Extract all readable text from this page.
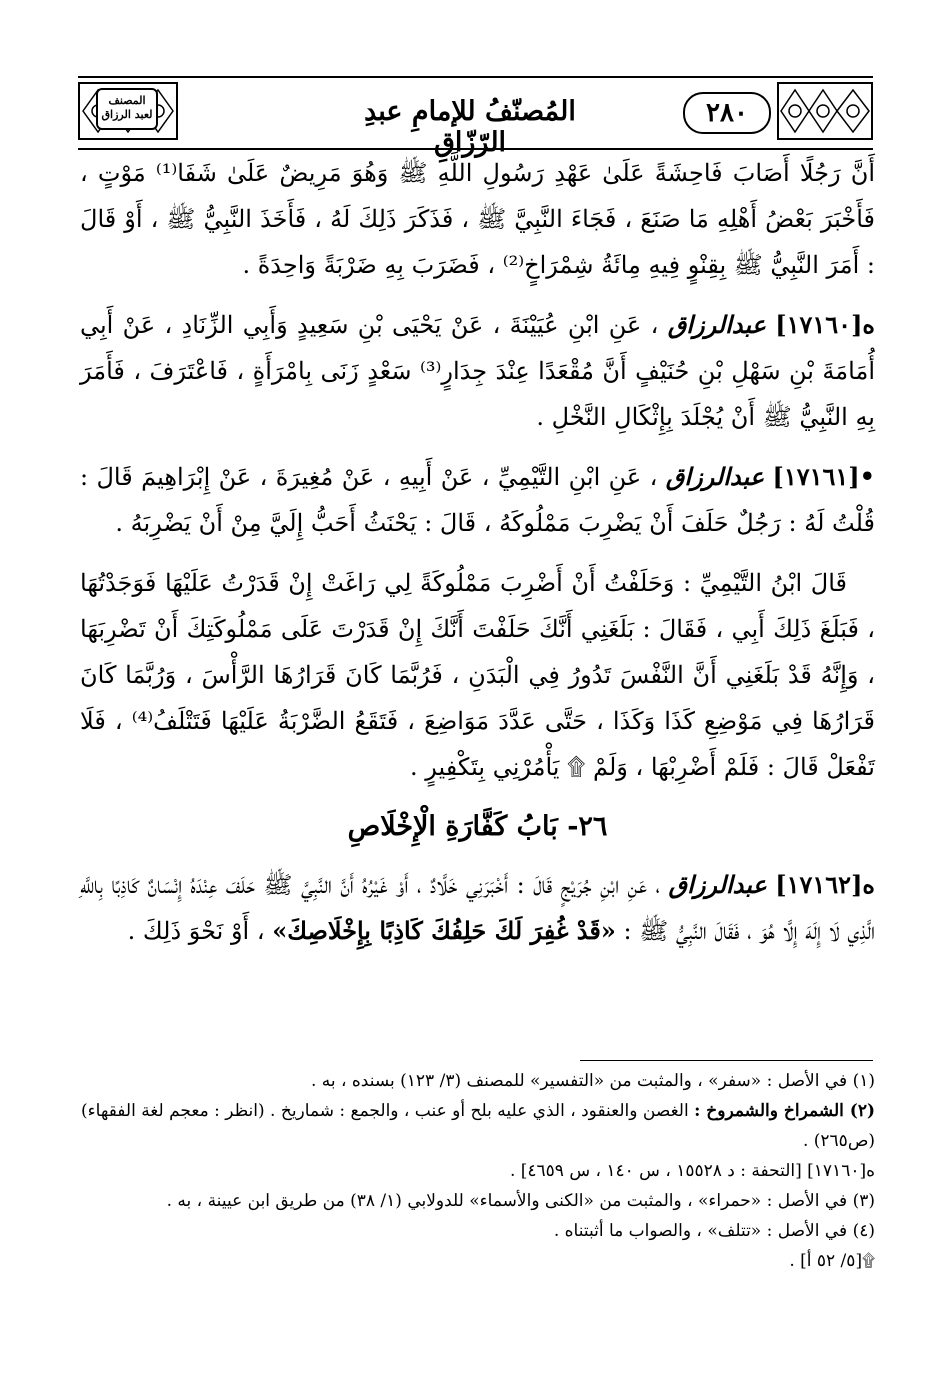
المصنف لعبد الرزاق	المُصنّفُ للإمامِ عبدِ الرّزّاقِ
٢٨٠

أَنَّ رَجُلًا أَصَابَ فَاحِشَةً عَلَىٰ عَهْدِ رَسُولِ اللَّهِ ﷺ وَهُوَ مَرِيضٌ عَلَىٰ شَفَا⁽¹⁾ مَوْتٍ ، فَأَخْبَرَ بَعْضُ أَهْلِهِ مَا صَنَعَ ، فَجَاءَ النَّبِيَّ ﷺ ، فَذَكَرَ ذَلِكَ لَهُ ، فَأَخَذَ النَّبِيُّ ﷺ ، أَوْ قَالَ : أَمَرَ النَّبِيُّ ﷺ بِقِنْوٍ فِيهِ مِائَةُ شِمْرَاخٍ⁽²⁾ ، فَضَرَبَ بِهِ ضَرْبَةً وَاحِدَةً .

ه[١٧١٦٠] عبدالرزاق ، عَنِ ابْنِ عُيَيْنَةَ ، عَنْ يَحْيَى بْنِ سَعِيدٍ وَأَبِي الزِّنَادِ ، عَنْ أَبِي أُمَامَةَ بْنِ سَهْلِ بْنِ حُنَيْفٍ أَنَّ مُقْعَدًا عِنْدَ جِدَارٍ⁽³⁾ سَعْدٍ زَنَى بِامْرَأَةٍ ، فَاعْتَرَفَ ، فَأَمَرَ بِهِ النَّبِيُّ ﷺ أَنْ يُجْلَدَ بِإِثْكَالِ النَّخْلِ .

•[١٧١٦١] عبدالرزاق ، عَنِ ابْنِ التَّيْمِيِّ ، عَنْ أَبِيهِ ، عَنْ مُغِيرَةَ ، عَنْ إِبْرَاهِيمَ قَالَ : قُلْتُ لَهُ : رَجُلٌ حَلَفَ أَنْ يَضْرِبَ مَمْلُوكَهُ ، قَالَ : يَحْنَثُ أَحَبُّ إِلَيَّ مِنْ أَنْ يَضْرِبَهُ .

قَالَ ابْنُ التَّيْمِيِّ : وَحَلَفْتُ أَنْ أَضْرِبَ مَمْلُوكَةً لِي رَاغَتْ إِنْ قَدَرْتُ عَلَيْهَا فَوَجَدْتُهَا ، فَبَلَغَ ذَلِكَ أَبِي ، فَقَالَ : بَلَغَنِي أَنَّكَ حَلَفْتَ أَنَّكَ إِنْ قَدَرْتَ عَلَى مَمْلُوكَتِكَ أَنْ تَضْرِبَهَا ، وَإِنَّهُ قَدْ بَلَغَنِي أَنَّ النَّفْسَ تَدُورُ فِي الْبَدَنِ ، فَرُبَّمَا كَانَ قَرَارُهَا الرَّأْسَ ، وَرُبَّمَا كَانَ قَرَارُهَا فِي مَوْضِعِ كَذَا وَكَذَا ، حَتَّى عَدَّدَ مَوَاضِعَ ، فَتَقَعُ الضَّرْبَةُ عَلَيْهَا فَتَتْلَفُ⁽⁴⁾ ، فَلَا تَفْعَلْ قَالَ : فَلَمْ أَضْرِبْهَا ، وَلَمْ ۩ يَأْمُرْنِي بِتَكْفِيرٍ .

٢٦- بَابُ كَفَّارَةِ الْإِخْلَاصِ

ه[١٧١٦٢] عبدالرزاق ، عَنِ ابْنِ جُرَيْجٍ قَالَ : أَخْبَرَنِي خَلَّادٌ ، أَوْ غَيْرُهُ أَنَّ النَّبِيَّ ﷺ حَلَفَ عِنْدَهُ إِنْسَانٌ كَاذِبًا بِاللَّهِ الَّذِي لَا إِلَهَ إِلَّا هُوَ ، فَقَالَ النَّبِيُّ ﷺ : «قَدْ غُفِرَ لَكَ حَلِفُكَ كَاذِبًا بِإِخْلَاصِكَ» ، أَوْ نَحْوَ ذَلِكَ .

(١) في الأصل : «سفر» ، والمثبت من «التفسير» للمصنف (٣/ ١٢٣) بسنده ، به .

(٢) الشمراخ والشمروخ : الغصن والعنقود ، الذي عليه بلح أو عنب ، والجمع : شماريخ . (انظر : معجم لغة الفقهاء) (ص٢٦٥) .

ه[١٧١٦٠] [التحفة : د ١٥٥٢٨ ، س ١٤٠ ، س ٤٦٥٩] .

(٣) في الأصل : «حمراء» ، والمثبت من «الكنى والأسماء» للدولابي (١/ ٣٨) من طريق ابن عيينة ، به .

(٤) في الأصل : «تتلف» ، والصواب ما أثبتناه .

۩[٥/ ٥٢ أ] .
